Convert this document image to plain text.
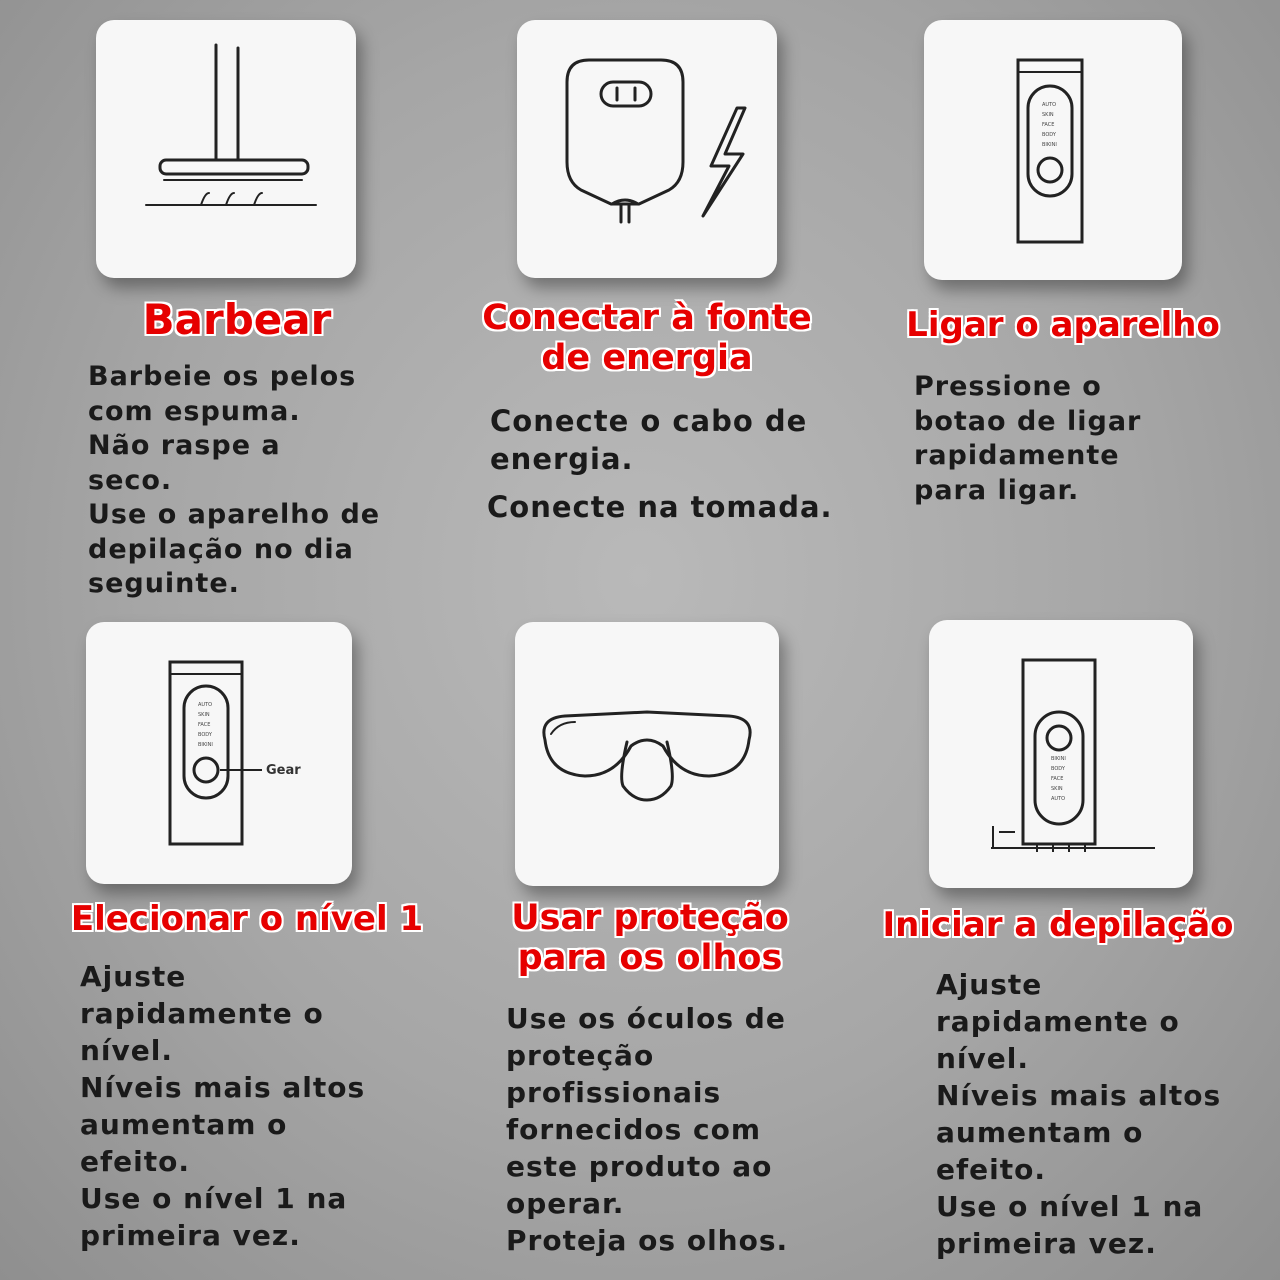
Barbear

Barbeie os pelos
com espuma.
Não raspe a
seco.
Use o aparelho de
depilação no dia
seguinte.

Conectar à fonte
de energia

Conecte o cabo de
energia.
Conecte na tomada.
AUTO
SKIN
FACE
BODY
BIKINI

Ligar o aparelho

Pressione o
botao de ligar
rapidamente
para ligar.
AUTO
SKIN
FACE
BODY
BIKINI
Gear

Elecionar o nível 1

Ajuste
rapidamente o
nível.
Níveis mais altos
aumentam o
efeito.
Use o nível 1 na
primeira vez.

Usar proteção
para os olhos

Use os óculos de
proteção
profissionais
fornecidos com
este produto ao
operar.
Proteja os olhos.
BIKINI
BODY
FACE
SKIN
AUTO

Iniciar a depilação

Ajuste
rapidamente o
nível.
Níveis mais altos
aumentam o
efeito.
Use o nível 1 na
primeira vez.
